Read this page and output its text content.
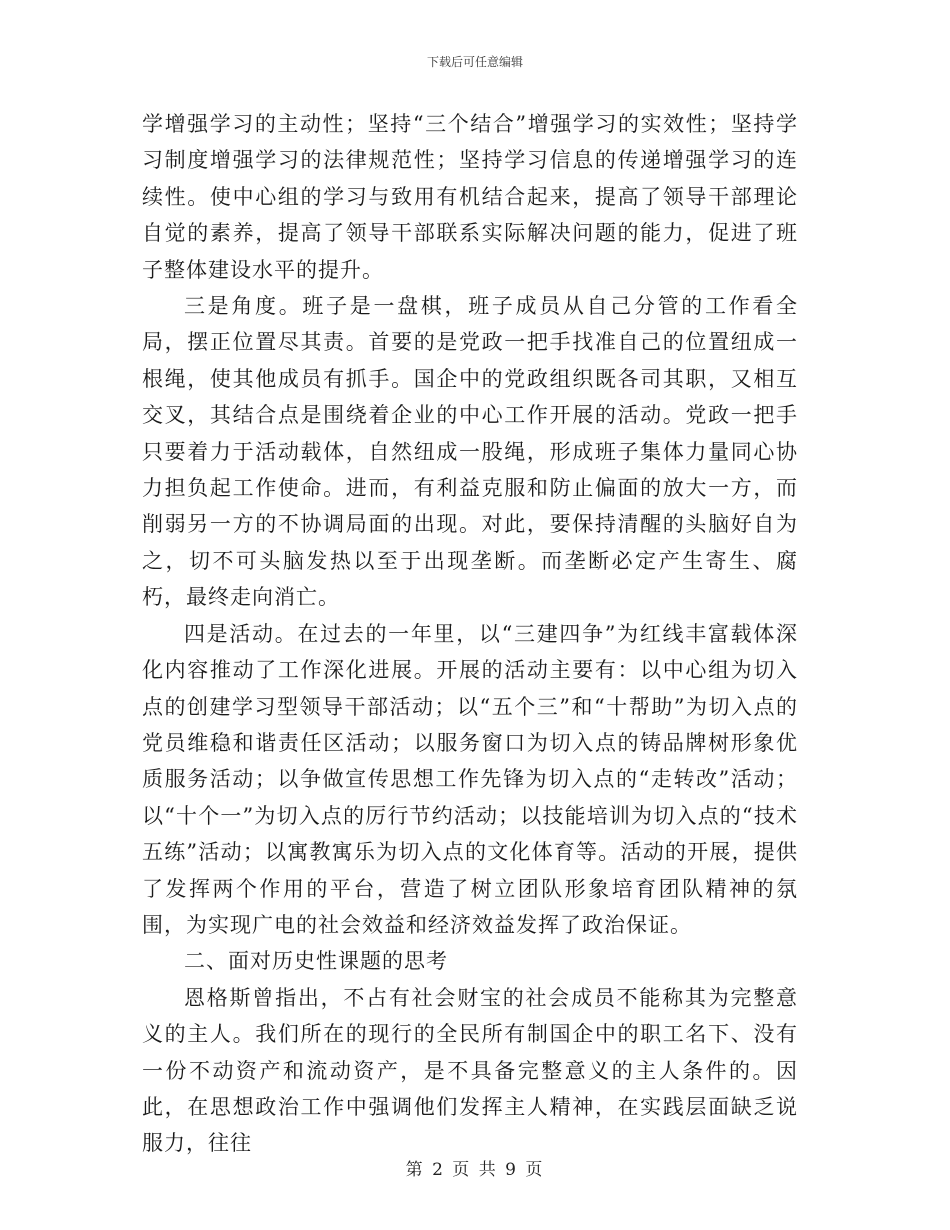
下载后可任意编辑

学增强学习的主动性；坚持“三个结合”增强学习的实效性；坚持学习制度增强学习的法律规范性；坚持学习信息的传递增强学习的连续性。使中心组的学习与致用有机结合起来，提高了领导干部理论自觉的素养，提高了领导干部联系实际解决问题的能力，促进了班子整体建设水平的提升。

三是角度。班子是一盘棋，班子成员从自己分管的工作看全局，摆正位置尽其责。首要的是党政一把手找准自己的位置纽成一根绳，使其他成员有抓手。国企中的党政组织既各司其职，又相互交叉，其结合点是围绕着企业的中心工作开展的活动。党政一把手只要着力于活动载体，自然纽成一股绳，形成班子集体力量同心协力担负起工作使命。进而，有利益克服和防止偏面的放大一方，而削弱另一方的不协调局面的出现。对此，要保持清醒的头脑好自为之，切不可头脑发热以至于出现垄断。而垄断必定产生寄生、腐朽，最终走向消亡。

四是活动。在过去的一年里，以“三建四争”为红线丰富载体深化内容推动了工作深化进展。开展的活动主要有：以中心组为切入点的创建学习型领导干部活动；以“五个三”和“十帮助”为切入点的党员维稳和谐责任区活动；以服务窗口为切入点的铸品牌树形象优质服务活动；以争做宣传思想工作先锋为切入点的“走转改”活动；以“十个一”为切入点的厉行节约活动；以技能培训为切入点的“技术五练”活动；以寓教寓乐为切入点的文化体育等。活动的开展，提供了发挥两个作用的平台，营造了树立团队形象培育团队精神的氛围，为实现广电的社会效益和经济效益发挥了政治保证。

二、面对历史性课题的思考

恩格斯曾指出，不占有社会财宝的社会成员不能称其为完整意义的主人。我们所在的现行的全民所有制国企中的职工名下、没有一份不动资产和流动资产，是不具备完整意义的主人条件的。因此，在思想政治工作中强调他们发挥主人精神，在实践层面缺乏说服力，往往

第 2 页 共 9 页
